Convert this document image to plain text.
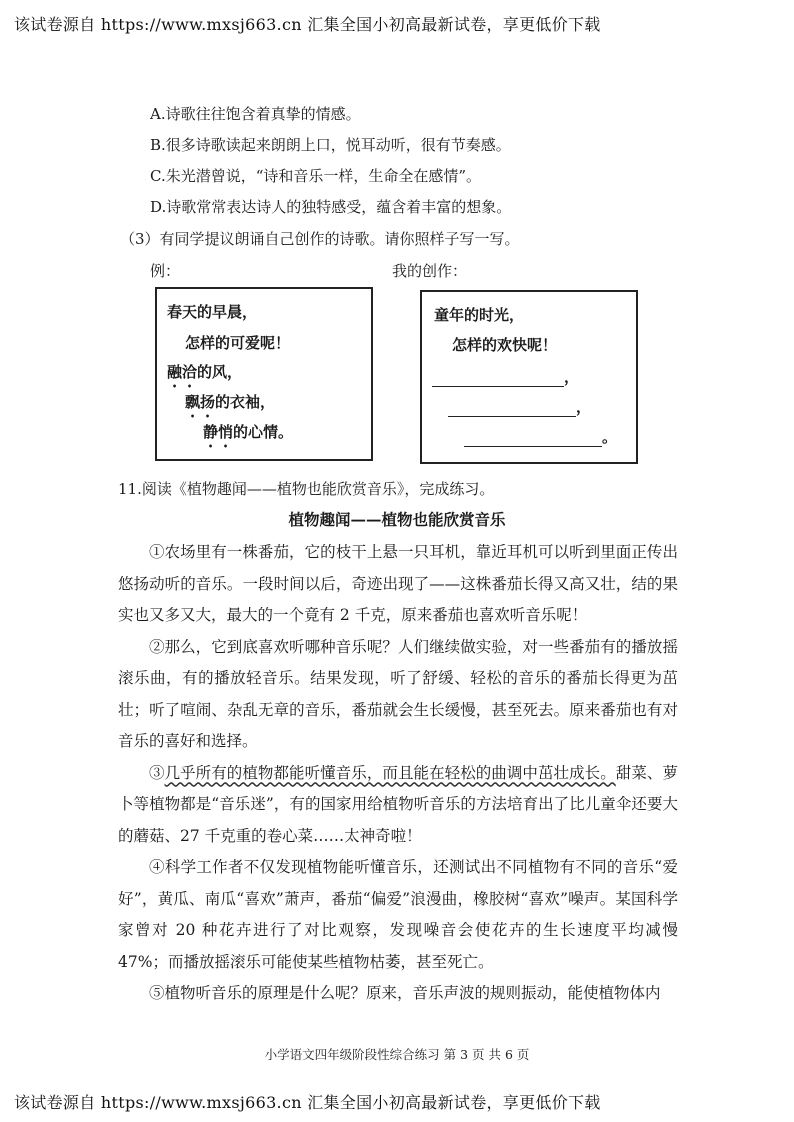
该试卷源自 https://www.mxsj663.cn 汇集全国小初高最新试卷，享更低价下载
A.诗歌往往饱含着真挚的情感。
B.很多诗歌读起来朗朗上口，悦耳动听，很有节奏感。
C.朱光潜曾说，“诗和音乐一样，生命全在感情”。
D.诗歌常常表达诗人的独特感受，蕴含着丰富的想象。
（3）有同学提议朗诵自己创作的诗歌。请你照样子写一写。
例：	我的创作：
春天的早晨，
怎样的可爱呢！
融洽的风，
飘扬的衣袖，
静悄的心情。
童年的时光，
怎样的欢快呢！
，
，
。
11.阅读《植物趣闻——植物也能欣赏音乐》，完成练习。
植物趣闻——植物也能欣赏音乐

①农场里有一株番茄，它的枝干上悬一只耳机，靠近耳机可以听到里面正传出悠扬动听的音乐。一段时间以后，奇迹出现了——这株番茄长得又高又壮，结的果实也又多又大，最大的一个竟有 2 千克，原来番茄也喜欢听音乐呢！

②那么，它到底喜欢听哪种音乐呢？人们继续做实验，对一些番茄有的播放摇滚乐曲，有的播放轻音乐。结果发现，听了舒缓、轻松的音乐的番茄长得更为茁壮；听了喧闹、杂乱无章的音乐，番茄就会生长缓慢，甚至死去。原来番茄也有对音乐的喜好和选择。

③几乎所有的植物都能听懂音乐，而且能在轻松的曲调中茁壮成长。甜菜、萝卜等植物都是“音乐迷”，有的国家用给植物听音乐的方法培育出了比儿童伞还要大的蘑菇、27 千克重的卷心菜……太神奇啦！

④科学工作者不仅发现植物能听懂音乐，还测试出不同植物有不同的音乐“爱好”，黄瓜、南瓜“喜欢”萧声，番茄“偏爱”浪漫曲，橡胶树“喜欢”噪声。某国科学家曾对 20 种花卉进行了对比观察，发现噪音会使花卉的生长速度平均减慢 47%；而播放摇滚乐可能使某些植物枯萎，甚至死亡。

⑤植物听音乐的原理是什么呢？原来，音乐声波的规则振动，能使植物体内

小学语文四年级阶段性综合练习 第 3 页 共 6 页
该试卷源自 https://www.mxsj663.cn 汇集全国小初高最新试卷，享更低价下载
